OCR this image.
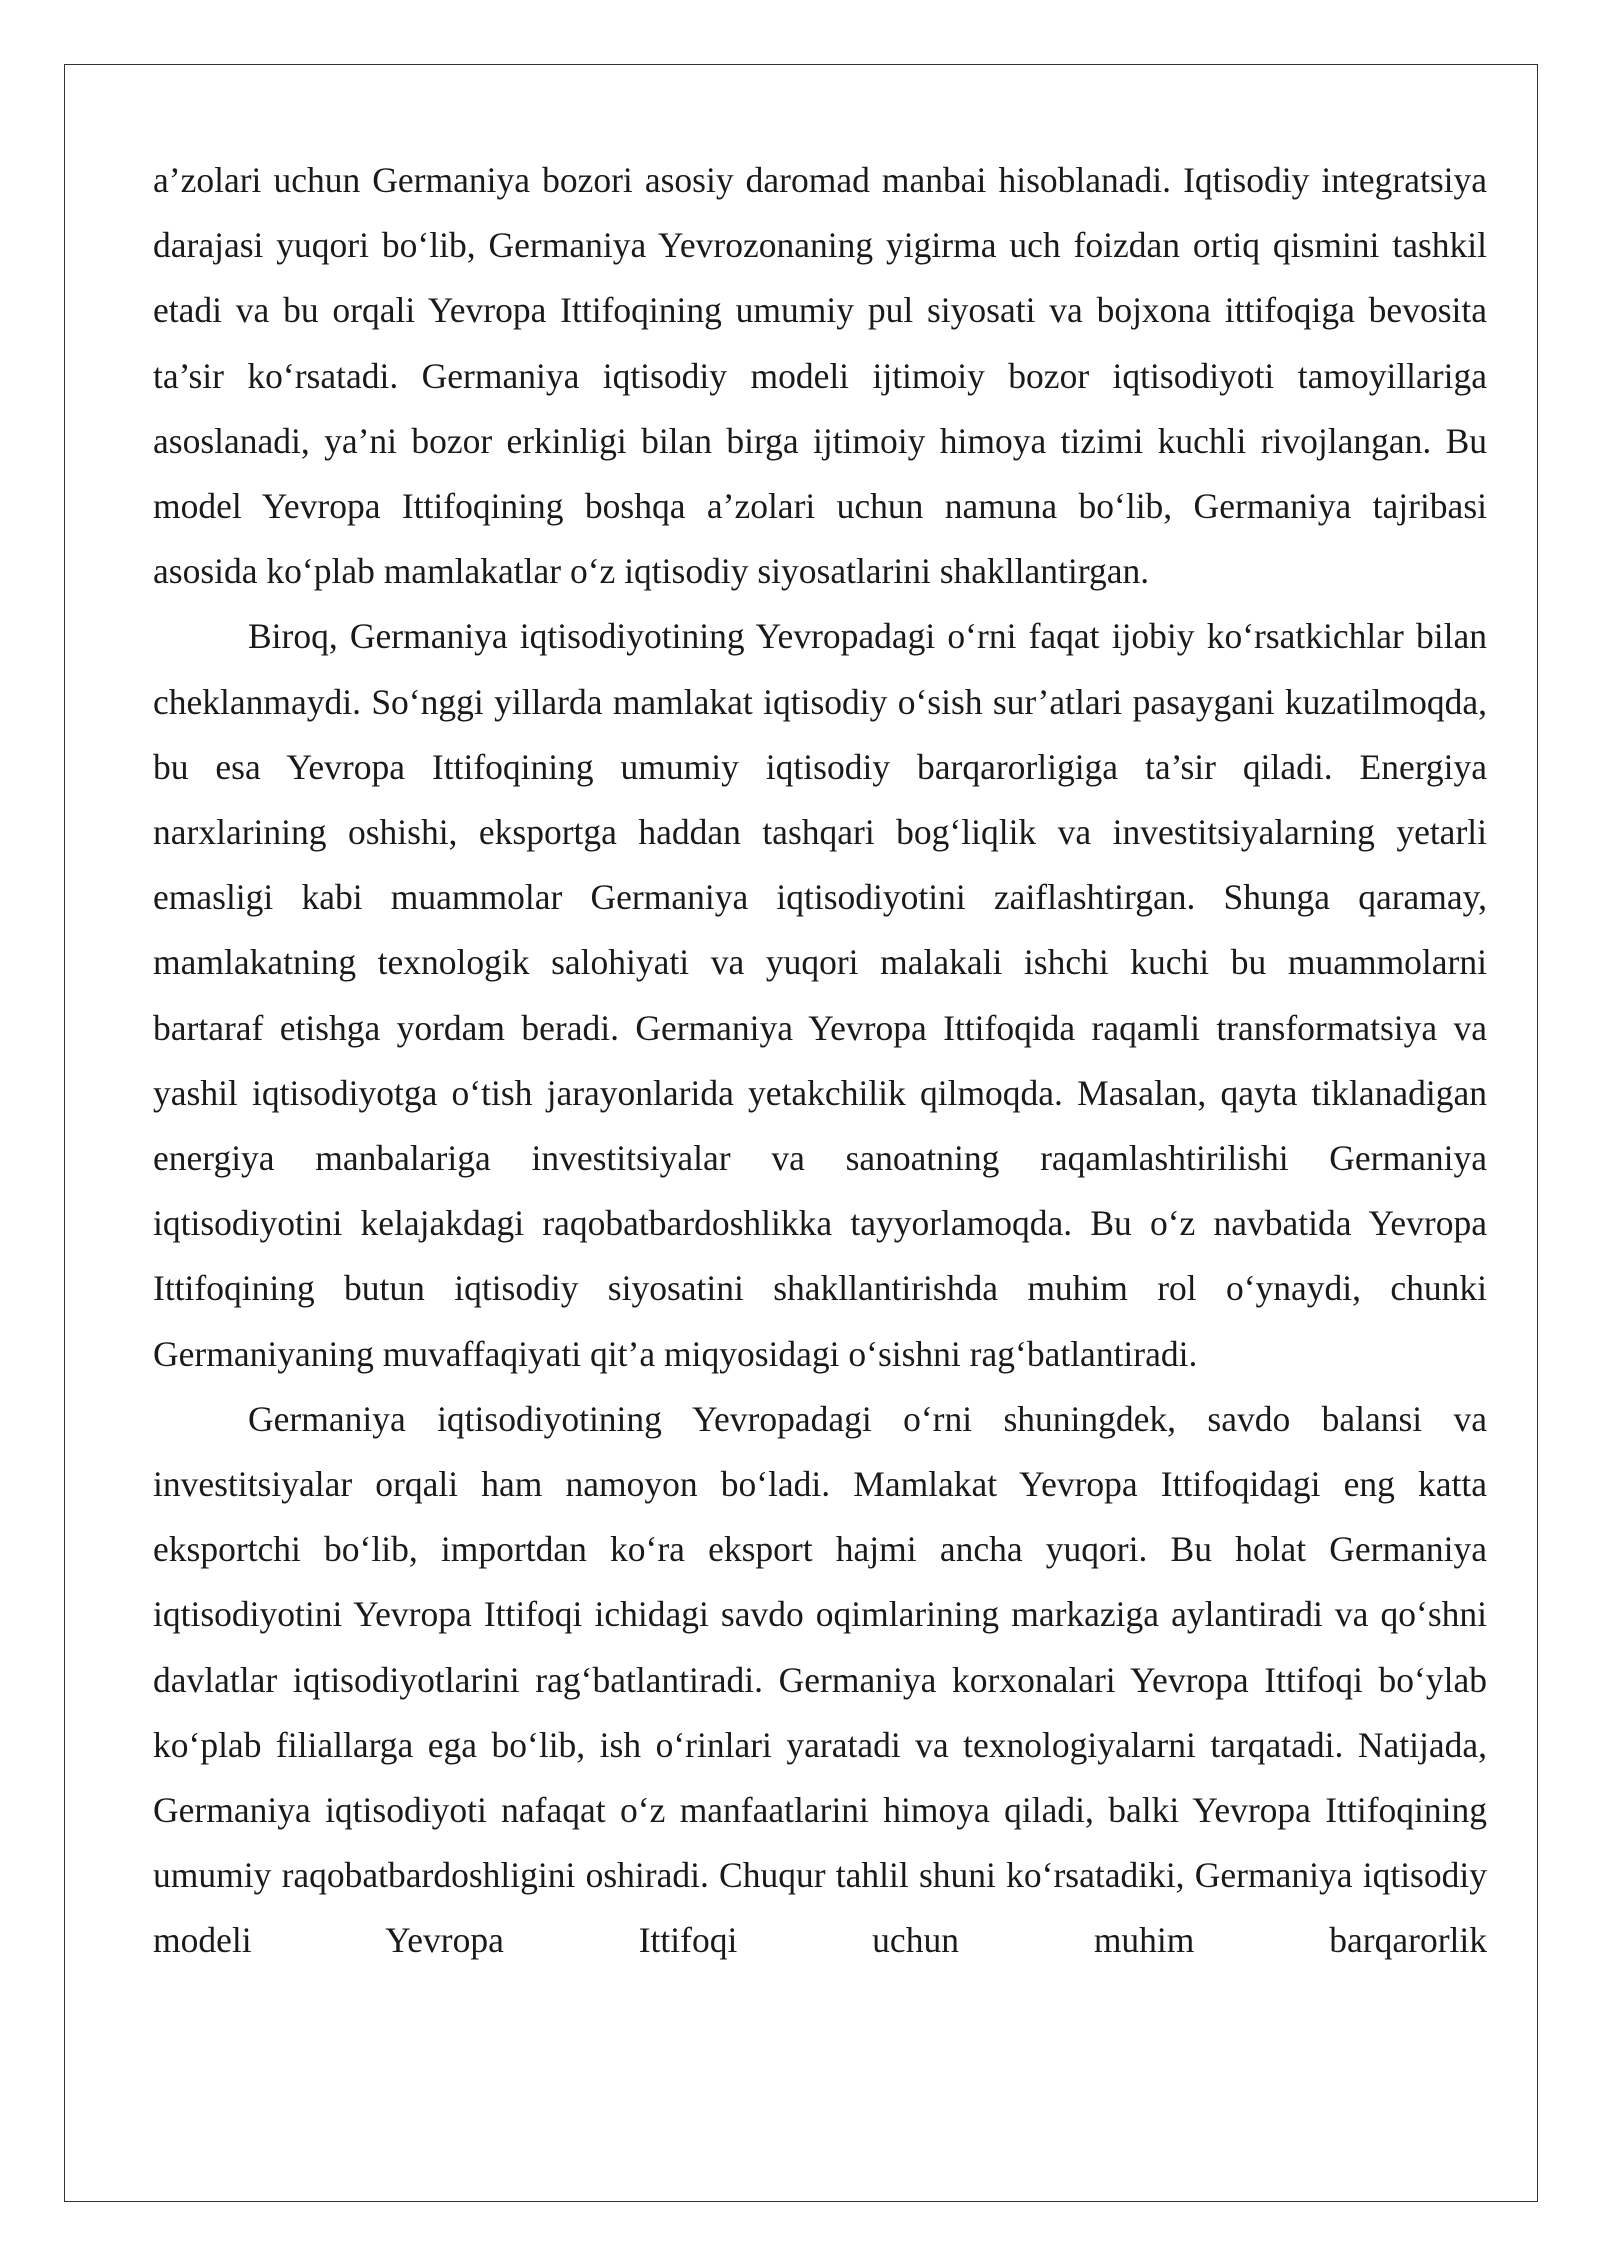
a’zolari uchun Germaniya bozori asosiy daromad manbai hisoblanadi. Iqtisodiy integratsiya darajasi yuqori bo‘lib, Germaniya Yevrozonaning yigirma uch foizdan ortiq qismini tashkil etadi va bu orqali Yevropa Ittifoqining umumiy pul siyosati va bojxona ittifoqiga bevosita ta’sir ko‘rsatadi. Germaniya iqtisodiy modeli ijtimoiy bozor iqtisodiyoti tamoyillariga asoslanadi, ya’ni bozor erkinligi bilan birga ijtimoiy himoya tizimi kuchli rivojlangan. Bu model Yevropa Ittifoqining boshqa a’zolari uchun namuna bo‘lib, Germaniya tajribasi asosida ko‘plab mamlakatlar o‘z iqtisodiy siyosatlarini shakllantirgan.

Biroq, Germaniya iqtisodiyotining Yevropadagi o‘rni faqat ijobiy ko‘rsatkichlar bilan cheklanmaydi. So‘nggi yillarda mamlakat iqtisodiy o‘sish sur’atlari pasaygani kuzatilmoqda, bu esa Yevropa Ittifoqining umumiy iqtisodiy barqarorligiga ta’sir qiladi. Energiya narxlarining oshishi, eksportga haddan tashqari bog‘liqlik va investitsiyalarning yetarli emasligi kabi muammolar Germaniya iqtisodiyotini zaiflashtirgan. Shunga qaramay, mamlakatning texnologik salohiyati va yuqori malakali ishchi kuchi bu muammolarni bartaraf etishga yordam beradi. Germaniya Yevropa Ittifoqida raqamli transformatsiya va yashil iqtisodiyotga o‘tish jarayonlarida yetakchilik qilmoqda. Masalan, qayta tiklanadigan energiya manbalariga investitsiyalar va sanoatning raqamlashtirilishi Germaniya iqtisodiyotini kelajakdagi raqobatbardoshlikka tayyorlamoqda. Bu o‘z navbatida Yevropa Ittifoqining butun iqtisodiy siyosatini shakllantirishda muhim rol o‘ynaydi, chunki Germaniyaning muvaffaqiyati qit’a miqyosidagi o‘sishni rag‘batlantiradi.

Germaniya iqtisodiyotining Yevropadagi o‘rni shuningdek, savdo balansi va investitsiyalar orqali ham namoyon bo‘ladi. Mamlakat Yevropa Ittifoqidagi eng katta eksportchi bo‘lib, importdan ko‘ra eksport hajmi ancha yuqori. Bu holat Germaniya iqtisodiyotini Yevropa Ittifoqi ichidagi savdo oqimlarining markaziga aylantiradi va qo‘shni davlatlar iqtisodiyotlarini rag‘batlantiradi. Germaniya korxonalari Yevropa Ittifoqi bo‘ylab ko‘plab filiallarga ega bo‘lib, ish o‘rinlari yaratadi va texnologiyalarni tarqatadi. Natijada, Germaniya iqtisodiyoti nafaqat o‘z manfaatlarini himoya qiladi, balki Yevropa Ittifoqining umumiy raqobatbardoshligini oshiradi. Chuqur tahlil shuni ko‘rsatadiki, Germaniya iqtisodiy modeli Yevropa Ittifoqi uchun muhim barqarorlik
